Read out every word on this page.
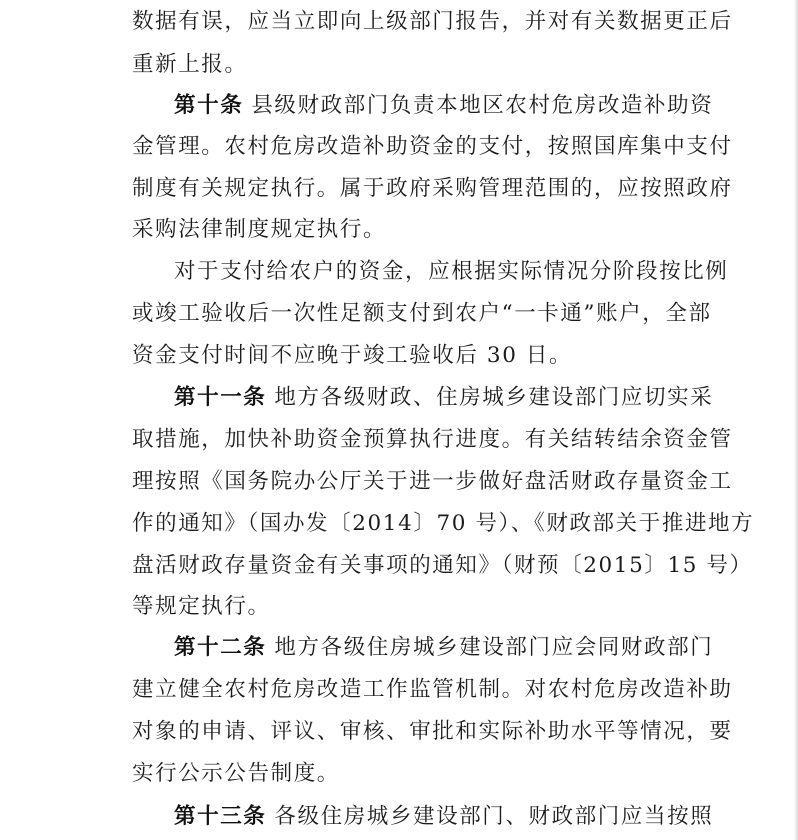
数据有误，应当立即向上级部门报告，并对有关数据更正后
重新上报。
第十条 县级财政部门负责本地区农村危房改造补助资
金管理。农村危房改造补助资金的支付，按照国库集中支付
制度有关规定执行。属于政府采购管理范围的，应按照政府
采购法律制度规定执行。
对于支付给农户的资金，应根据实际情况分阶段按比例
或竣工验收后一次性足额支付到农户“一卡通”账户，全部
资金支付时间不应晚于竣工验收后 30 日。
第十一条 地方各级财政、住房城乡建设部门应切实采
取措施，加快补助资金预算执行进度。有关结转结余资金管
理按照《国务院办公厅关于进一步做好盘活财政存量资金工
作的通知》（国办发〔2014〕70 号）、《财政部关于推进地方
盘活财政存量资金有关事项的通知》（财预〔2015〕15 号）
等规定执行。
第十二条 地方各级住房城乡建设部门应会同财政部门
建立健全农村危房改造工作监管机制。对农村危房改造补助
对象的申请、评议、审核、审批和实际补助水平等情况，要
实行公示公告制度。
第十三条 各级住房城乡建设部门、财政部门应当按照
